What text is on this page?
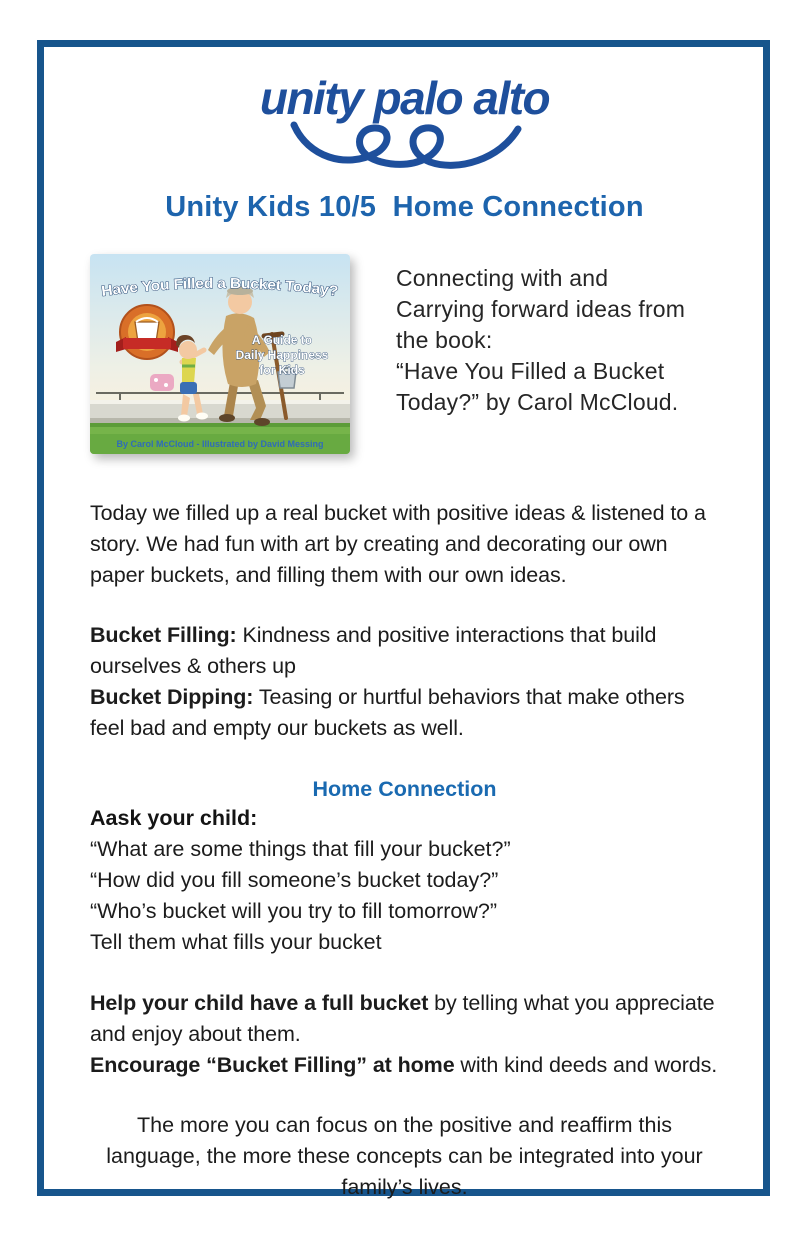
unity palo alto
Unity Kids 10/5  Home Connection
Have You Filled a Bucket Today?
A Guide to
Daily Happiness
for Kids
By Carol McCloud - Illustrated by David Messing
Connecting with and
Carrying forward ideas from
the book:
“Have You Filled a Bucket
Today?” by Carol McCloud.
Today we filled up a real bucket with positive ideas & listened to a story. We had fun with art by creating and decorating our own paper buckets, and filling them with our own ideas.
Bucket Filling: Kindness and positive interactions that build ourselves & others up
Bucket Dipping: Teasing or hurtful behaviors that make others feel bad and empty our buckets as well.
Home Connection
Aask your child:
“What are some things that fill your bucket?”
“How did you fill someone’s bucket today?”
“Who’s bucket will you try to fill tomorrow?”
Tell them what fills your bucket
Help your child have a full bucket by telling what you appreciate and enjoy about them.
Encourage “Bucket Filling” at home with kind deeds and words.
The more you can focus on the positive and reaffirm this language, the more these concepts can be integrated into your family’s lives.
